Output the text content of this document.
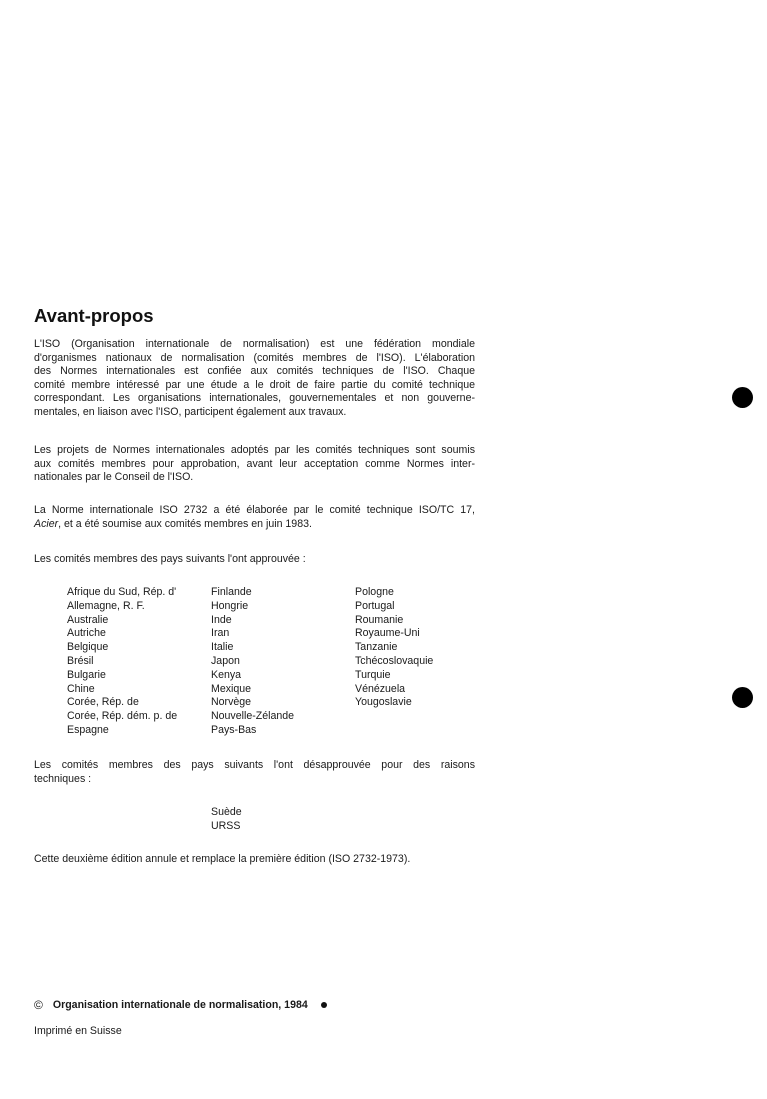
Avant-propos

L'ISO (Organisation internationale de normalisation) est une fédération mondiale
d'organismes nationaux de normalisation (comités membres de l'ISO). L'élaboration
des Normes internationales est confiée aux comités techniques de l'ISO. Chaque
comité membre intéressé par une étude a le droit de faire partie du comité technique
correspondant. Les organisations internationales, gouvernementales et non gouverne-
mentales, en liaison avec l'ISO, participent également aux travaux.

Les projets de Normes internationales adoptés par les comités techniques sont soumis
aux comités membres pour approbation, avant leur acceptation comme Normes inter-
nationales par le Conseil de l'ISO.

La Norme internationale ISO 2732 a été élaborée par le comité technique ISO/TC 17,
Acier, et a été soumise aux comités membres en juin 1983.

Les comités membres des pays suivants l'ont approuvée :

Afrique du Sud, Rép. d'
Allemagne, R. F.
Australie
Autriche
Belgique
Brésil
Bulgarie
Chine
Corée, Rép. de
Corée, Rép. dém. p. de
Espagne
Finlande
Hongrie
Inde
Iran
Italie
Japon
Kenya
Mexique
Norvège
Nouvelle-Zélande
Pays-Bas
Pologne
Portugal
Roumanie
Royaume-Uni
Tanzanie
Tchécoslovaquie
Turquie
Vénézuela
Yougoslavie

Les comités membres des pays suivants l'ont désapprouvée pour des raisons
techniques :

Suède
URSS

Cette deuxième édition annule et remplace la première édition (ISO 2732-1973).

© Organisation internationale de normalisation, 1984
Imprimé en Suisse
